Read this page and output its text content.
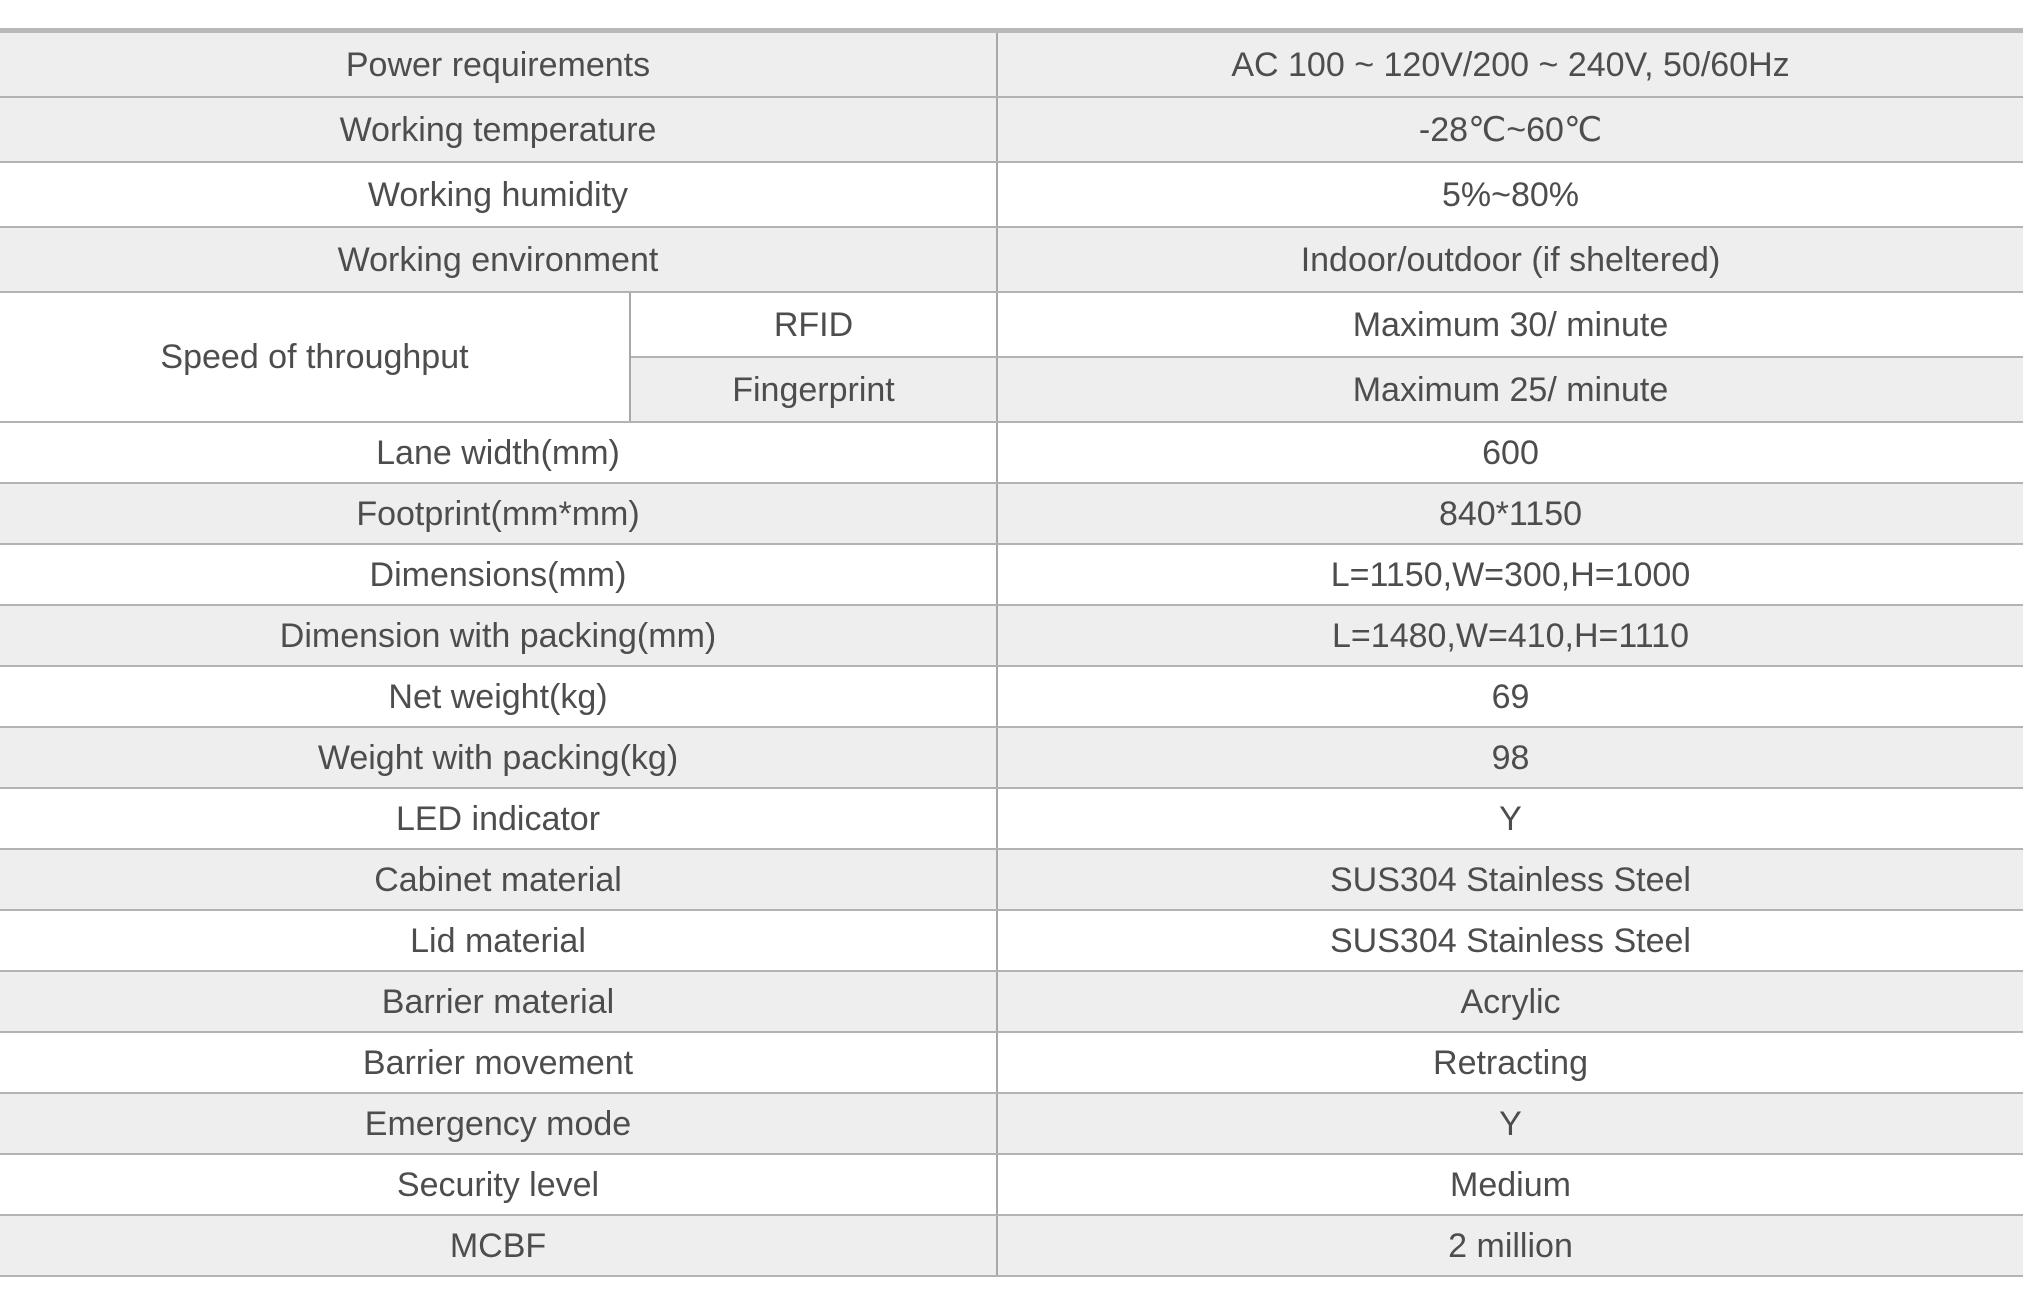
Power requirements		AC 100 ~ 120V/200 ~ 240V, 50/60Hz
Working temperature		-28℃~60℃
Working humidity		5%~80%
Working environment		Indoor/outdoor (if sheltered)
Speed of throughput	RFID	Maximum 30/ minute
	Fingerprint	Maximum 25/ minute
Lane width(mm)		600
Footprint(mm*mm)		840*1150
Dimensions(mm)		L=1150,W=300,H=1000
Dimension with packing(mm)		L=1480,W=410,H=1110
Net weight(kg)		69
Weight with packing(kg)		98
LED indicator		Y
Cabinet material		SUS304 Stainless Steel
Lid material		SUS304 Stainless Steel
Barrier material		Acrylic
Barrier movement		Retracting
Emergency mode		Y
Security level		Medium
MCBF		2 million
